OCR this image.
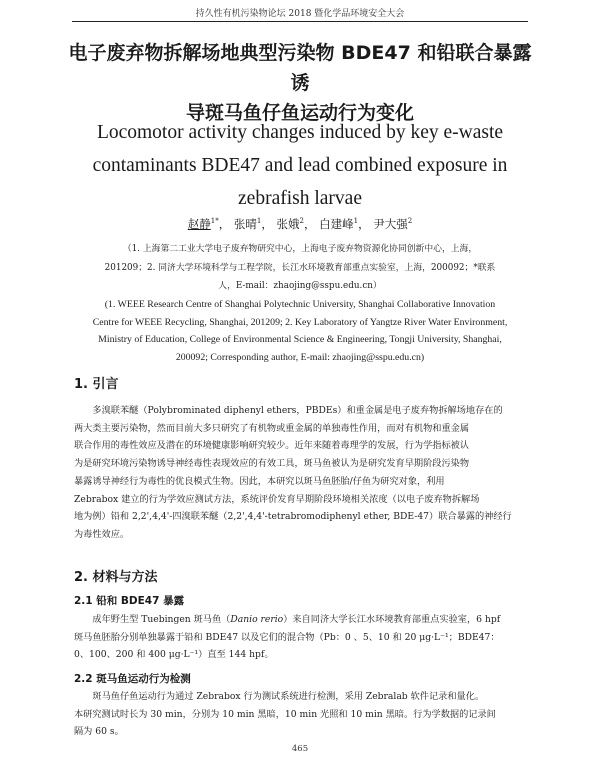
持久性有机污染物论坛 2018 暨化学品环境安全大会
电子废弃物拆解场地典型污染物 BDE47 和铅联合暴露诱
导斑马鱼仔鱼运动行为变化
Locomotor activity changes induced by key e-waste
contaminants BDE47 and lead combined exposure in
zebrafish larvae
赵静$^{1*}$， 张晴$^1$， 张娥$^2$， 白建峰$^1$， 尹大强$^2$
（1. 上海第二工业大学电子废弃物研究中心，上海电子废弃物资源化协同创新中心，上海，
201209；2. 同济大学环境科学与工程学院，长江水环境教育部重点实验室，上海，200092；*联系
人，E-mail：zhaojing@sspu.edu.cn）
(1. WEEE Research Centre of Shanghai Polytechnic University, Shanghai Collaborative Innovation
Centre for WEEE Recycling, Shanghai, 201209; 2. Key Laboratory of Yangtze River Water Environment,
Ministry of Education, College of Environmental Science & Engineering, Tongji University, Shanghai,
200092; Corresponding author, E-mail: zhaojing@sspu.edu.cn)
1. 引言
多溴联苯醚（Polybrominated diphenyl ethers，PBDEs）和重金属是电子废弃物拆解场地存在的
两大类主要污染物，然而目前大多只研究了有机物或重金属的单独毒性作用，而对有机物和重金属
联合作用的毒性效应及潜在的环境健康影响研究较少。近年来随着毒理学的发展，行为学指标被认
为是研究环境污染物诱导神经毒性表现效应的有效工具，斑马鱼被认为是研究发育早期阶段污染物
暴露诱导神经行为毒性的优良模式生物。因此，本研究以斑马鱼胚胎/仔鱼为研究对象，利用
Zebrabox 建立的行为学效应测试方法，系统评价发育早期阶段环境相关浓度（以电子废弃物拆解场
地为例）铅和 2,2',4,4'-四溴联苯醚（2,2',4,4'-tetrabromodiphenyl ether, BDE-47）联合暴露的神经行
为毒性效应。
2. 材料与方法
2.1 铅和 BDE47 暴露
成年野生型 Tuebingen 斑马鱼（Danio rerio）来自同济大学长江水环境教育部重点实验室，6 hpf
斑马鱼胚胎分别单独暴露于铅和 BDE47 以及它们的混合物（Pb：0 、5、10 和 20 μg·L⁻¹；BDE47：
0、100、200 和 400 μg·L⁻¹）直至 144 hpf。
2.2 斑马鱼运动行为检测
斑马鱼仔鱼运动行为通过 Zebrabox 行为测试系统进行检测，采用 Zebralab 软件记录和量化。
本研究测试时长为 30 min，分别为 10 min 黑暗，10 min 光照和 10 min 黑暗。行为学数据的记录间
隔为 60 s。
465
